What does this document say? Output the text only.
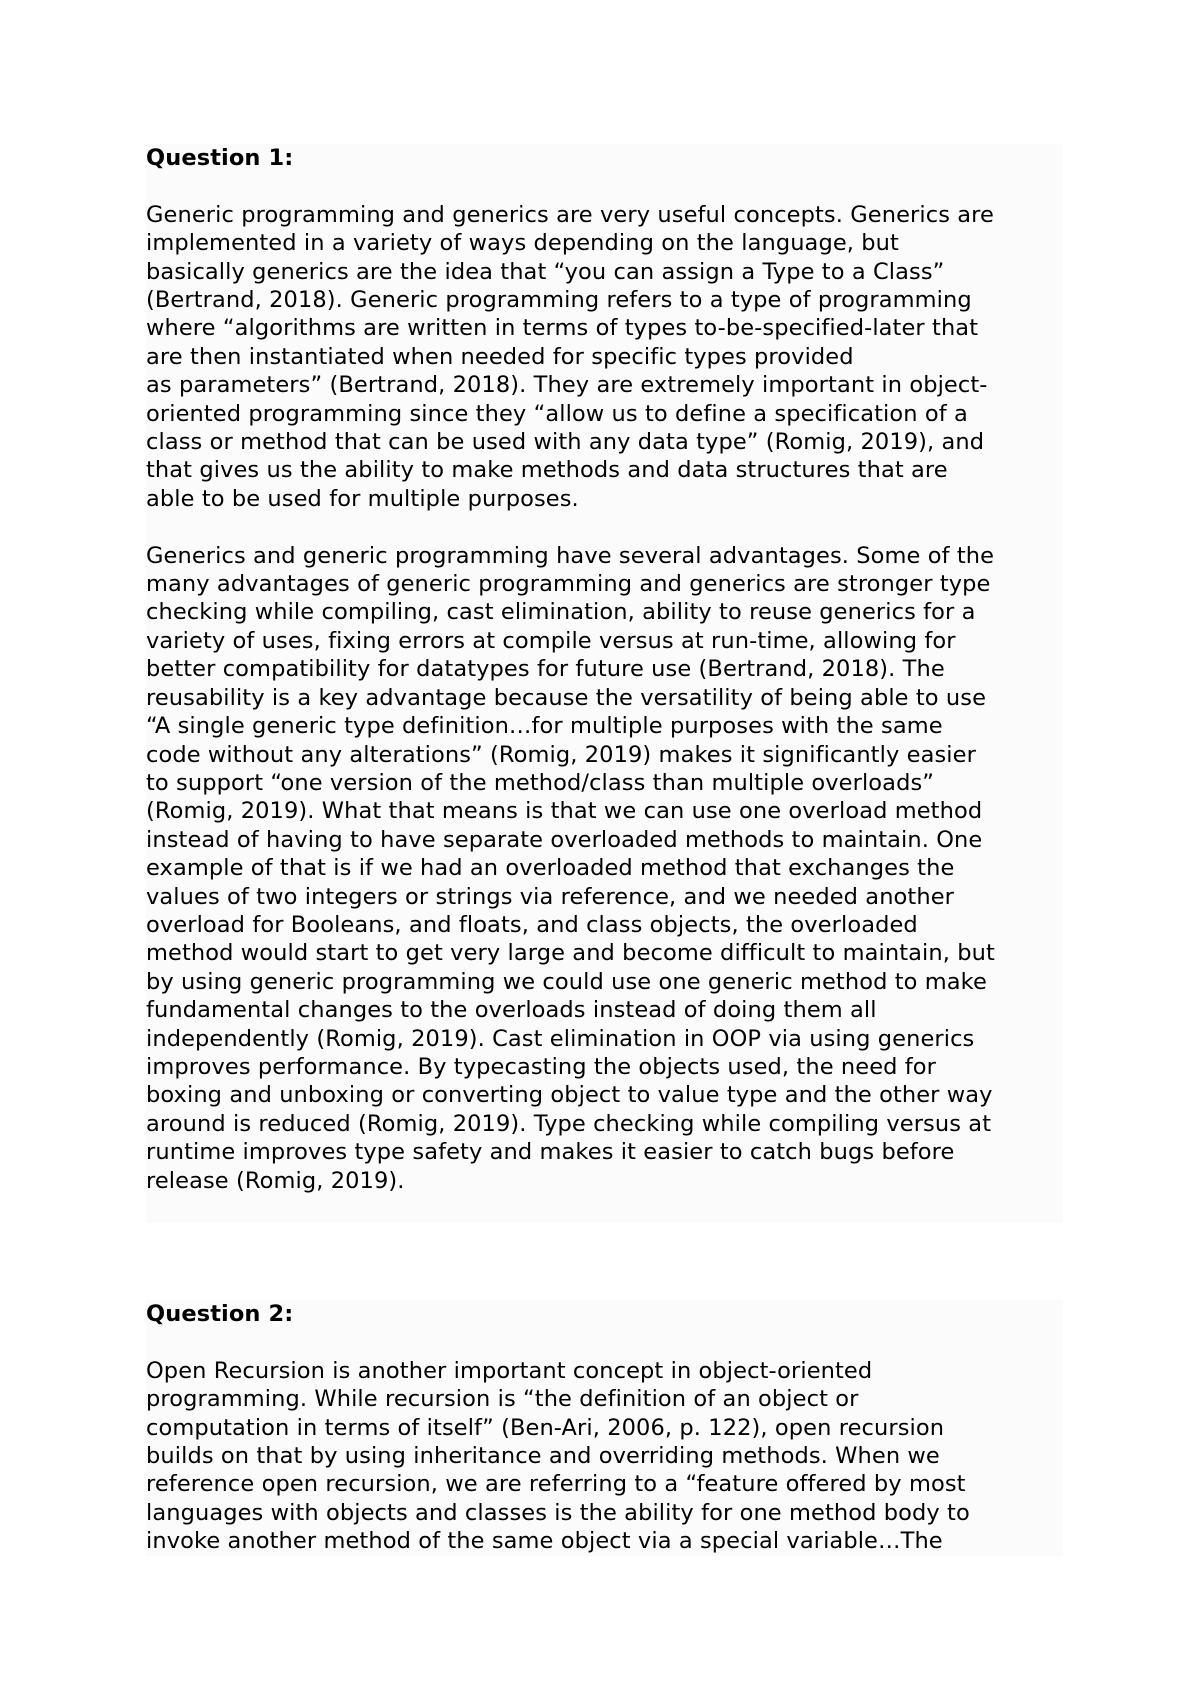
Question 1:
Generic programming and generics are very useful concepts. Generics are
implemented in a variety of ways depending on the language, but
basically generics are the idea that “you can assign a Type to a Class”
(Bertrand, 2018). Generic programming refers to a type of programming
where “algorithms are written in terms of types to-be-specified-later that
are then instantiated when needed for specific types provided
as parameters” (Bertrand, 2018). They are extremely important in object-
oriented programming since they “allow us to define a specification of a
class or method that can be used with any data type” (Romig, 2019), and
that gives us the ability to make methods and data structures that are
able to be used for multiple purposes.
Generics and generic programming have several advantages. Some of the
many advantages of generic programming and generics are stronger type
checking while compiling, cast elimination, ability to reuse generics for a
variety of uses, fixing errors at compile versus at run-time, allowing for
better compatibility for datatypes for future use (Bertrand, 2018). The
reusability is a key advantage because the versatility of being able to use
“A single generic type definition…for multiple purposes with the same
code without any alterations” (Romig, 2019) makes it significantly easier
to support “one version of the method/class than multiple overloads”
(Romig, 2019). What that means is that we can use one overload method
instead of having to have separate overloaded methods to maintain. One
example of that is if we had an overloaded method that exchanges the
values of two integers or strings via reference, and we needed another
overload for Booleans, and floats, and class objects, the overloaded
method would start to get very large and become difficult to maintain, but
by using generic programming we could use one generic method to make
fundamental changes to the overloads instead of doing them all
independently (Romig, 2019). Cast elimination in OOP via using generics
improves performance. By typecasting the objects used, the need for
boxing and unboxing or converting object to value type and the other way
around is reduced (Romig, 2019). Type checking while compiling versus at
runtime improves type safety and makes it easier to catch bugs before
release (Romig, 2019).
Question 2:
Open Recursion is another important concept in object-oriented
programming. While recursion is “the definition of an object or
computation in terms of itself” (Ben-Ari, 2006, p. 122), open recursion
builds on that by using inheritance and overriding methods. When we
reference open recursion, we are referring to a “feature offered by most
languages with objects and classes is the ability for one method body to
invoke another method of the same object via a special variable…The
